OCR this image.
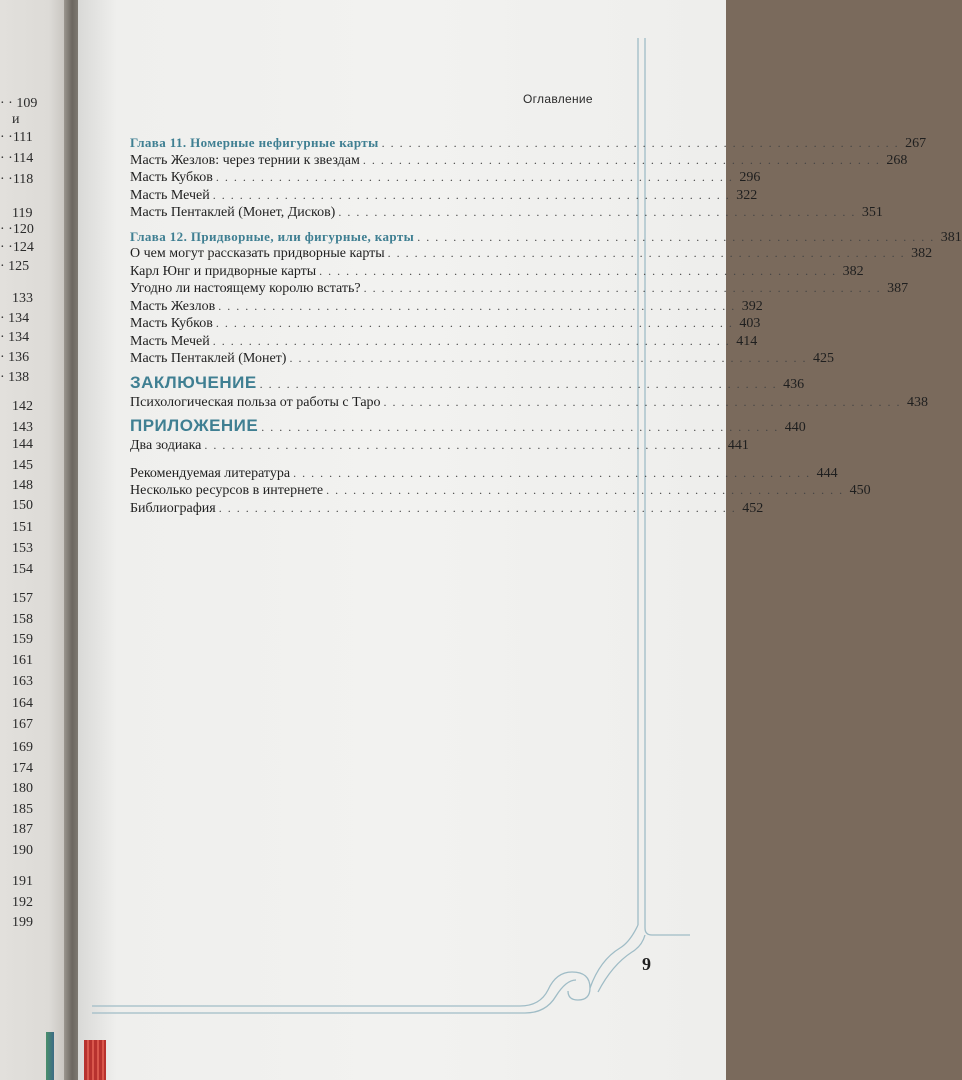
· · 109
и
· ·111
· ·114
· ·118
119
· ·120
· ·124
· 125
133
· 134
· 134
· 136
· 138
142
143
144
145
148
150
151
153
154
157
158
159
161
163
164
167
169
174
180
185
187
190
191
192
199
Оглавление
Глава 11. Номерные нефигурные карты . . . . . . . . . . . . . . . . . . . . . . . . . . . . . . . . . . . . . . . . . . . . . . . . . . . . . . . . . . 267
Масть Жезлов: через тернии к звездам . . . . . . . . . . . . . . . . . . . . . . . . . . . . . . . . . . . . . . . . . . . . . . . . . . . . . . . . . . 268
Масть Кубков . . . . . . . . . . . . . . . . . . . . . . . . . . . . . . . . . . . . . . . . . . . . . . . . . . . . . . . . . . 296
Масть Мечей . . . . . . . . . . . . . . . . . . . . . . . . . . . . . . . . . . . . . . . . . . . . . . . . . . . . . . . . . . 322
Масть Пентаклей (Монет, Дисков) . . . . . . . . . . . . . . . . . . . . . . . . . . . . . . . . . . . . . . . . . . . . . . . . . . . . . . . . . . 351
Глава 12. Придворные, или фигурные, карты . . . . . . . . . . . . . . . . . . . . . . . . . . . . . . . . . . . . . . . . . . . . . . . . . . . . . . . . . . 381
О чем могут рассказать придворные карты . . . . . . . . . . . . . . . . . . . . . . . . . . . . . . . . . . . . . . . . . . . . . . . . . . . . . . . . . . 382
Карл Юнг и придворные карты . . . . . . . . . . . . . . . . . . . . . . . . . . . . . . . . . . . . . . . . . . . . . . . . . . . . . . . . . . 382
Угодно ли настоящему королю встать? . . . . . . . . . . . . . . . . . . . . . . . . . . . . . . . . . . . . . . . . . . . . . . . . . . . . . . . . . . 387
Масть Жезлов . . . . . . . . . . . . . . . . . . . . . . . . . . . . . . . . . . . . . . . . . . . . . . . . . . . . . . . . . . 392
Масть Кубков . . . . . . . . . . . . . . . . . . . . . . . . . . . . . . . . . . . . . . . . . . . . . . . . . . . . . . . . . . 403
Масть Мечей . . . . . . . . . . . . . . . . . . . . . . . . . . . . . . . . . . . . . . . . . . . . . . . . . . . . . . . . . . 414
Масть Пентаклей (Монет) . . . . . . . . . . . . . . . . . . . . . . . . . . . . . . . . . . . . . . . . . . . . . . . . . . . . . . . . . . 425
ЗАКЛЮЧЕНИЕ . . . . . . . . . . . . . . . . . . . . . . . . . . . . . . . . . . . . . . . . . . . . . . . . . . . . . . . . . . 436
Психологическая польза от работы с Таро . . . . . . . . . . . . . . . . . . . . . . . . . . . . . . . . . . . . . . . . . . . . . . . . . . . . . . . . . . 438
ПРИЛОЖЕНИЕ . . . . . . . . . . . . . . . . . . . . . . . . . . . . . . . . . . . . . . . . . . . . . . . . . . . . . . . . . . 440
Два зодиака . . . . . . . . . . . . . . . . . . . . . . . . . . . . . . . . . . . . . . . . . . . . . . . . . . . . . . . . . . 441
Рекомендуемая литература . . . . . . . . . . . . . . . . . . . . . . . . . . . . . . . . . . . . . . . . . . . . . . . . . . . . . . . . . . 444
Несколько ресурсов в интернете . . . . . . . . . . . . . . . . . . . . . . . . . . . . . . . . . . . . . . . . . . . . . . . . . . . . . . . . . . 450
Библиография . . . . . . . . . . . . . . . . . . . . . . . . . . . . . . . . . . . . . . . . . . . . . . . . . . . . . . . . . . 452
9
